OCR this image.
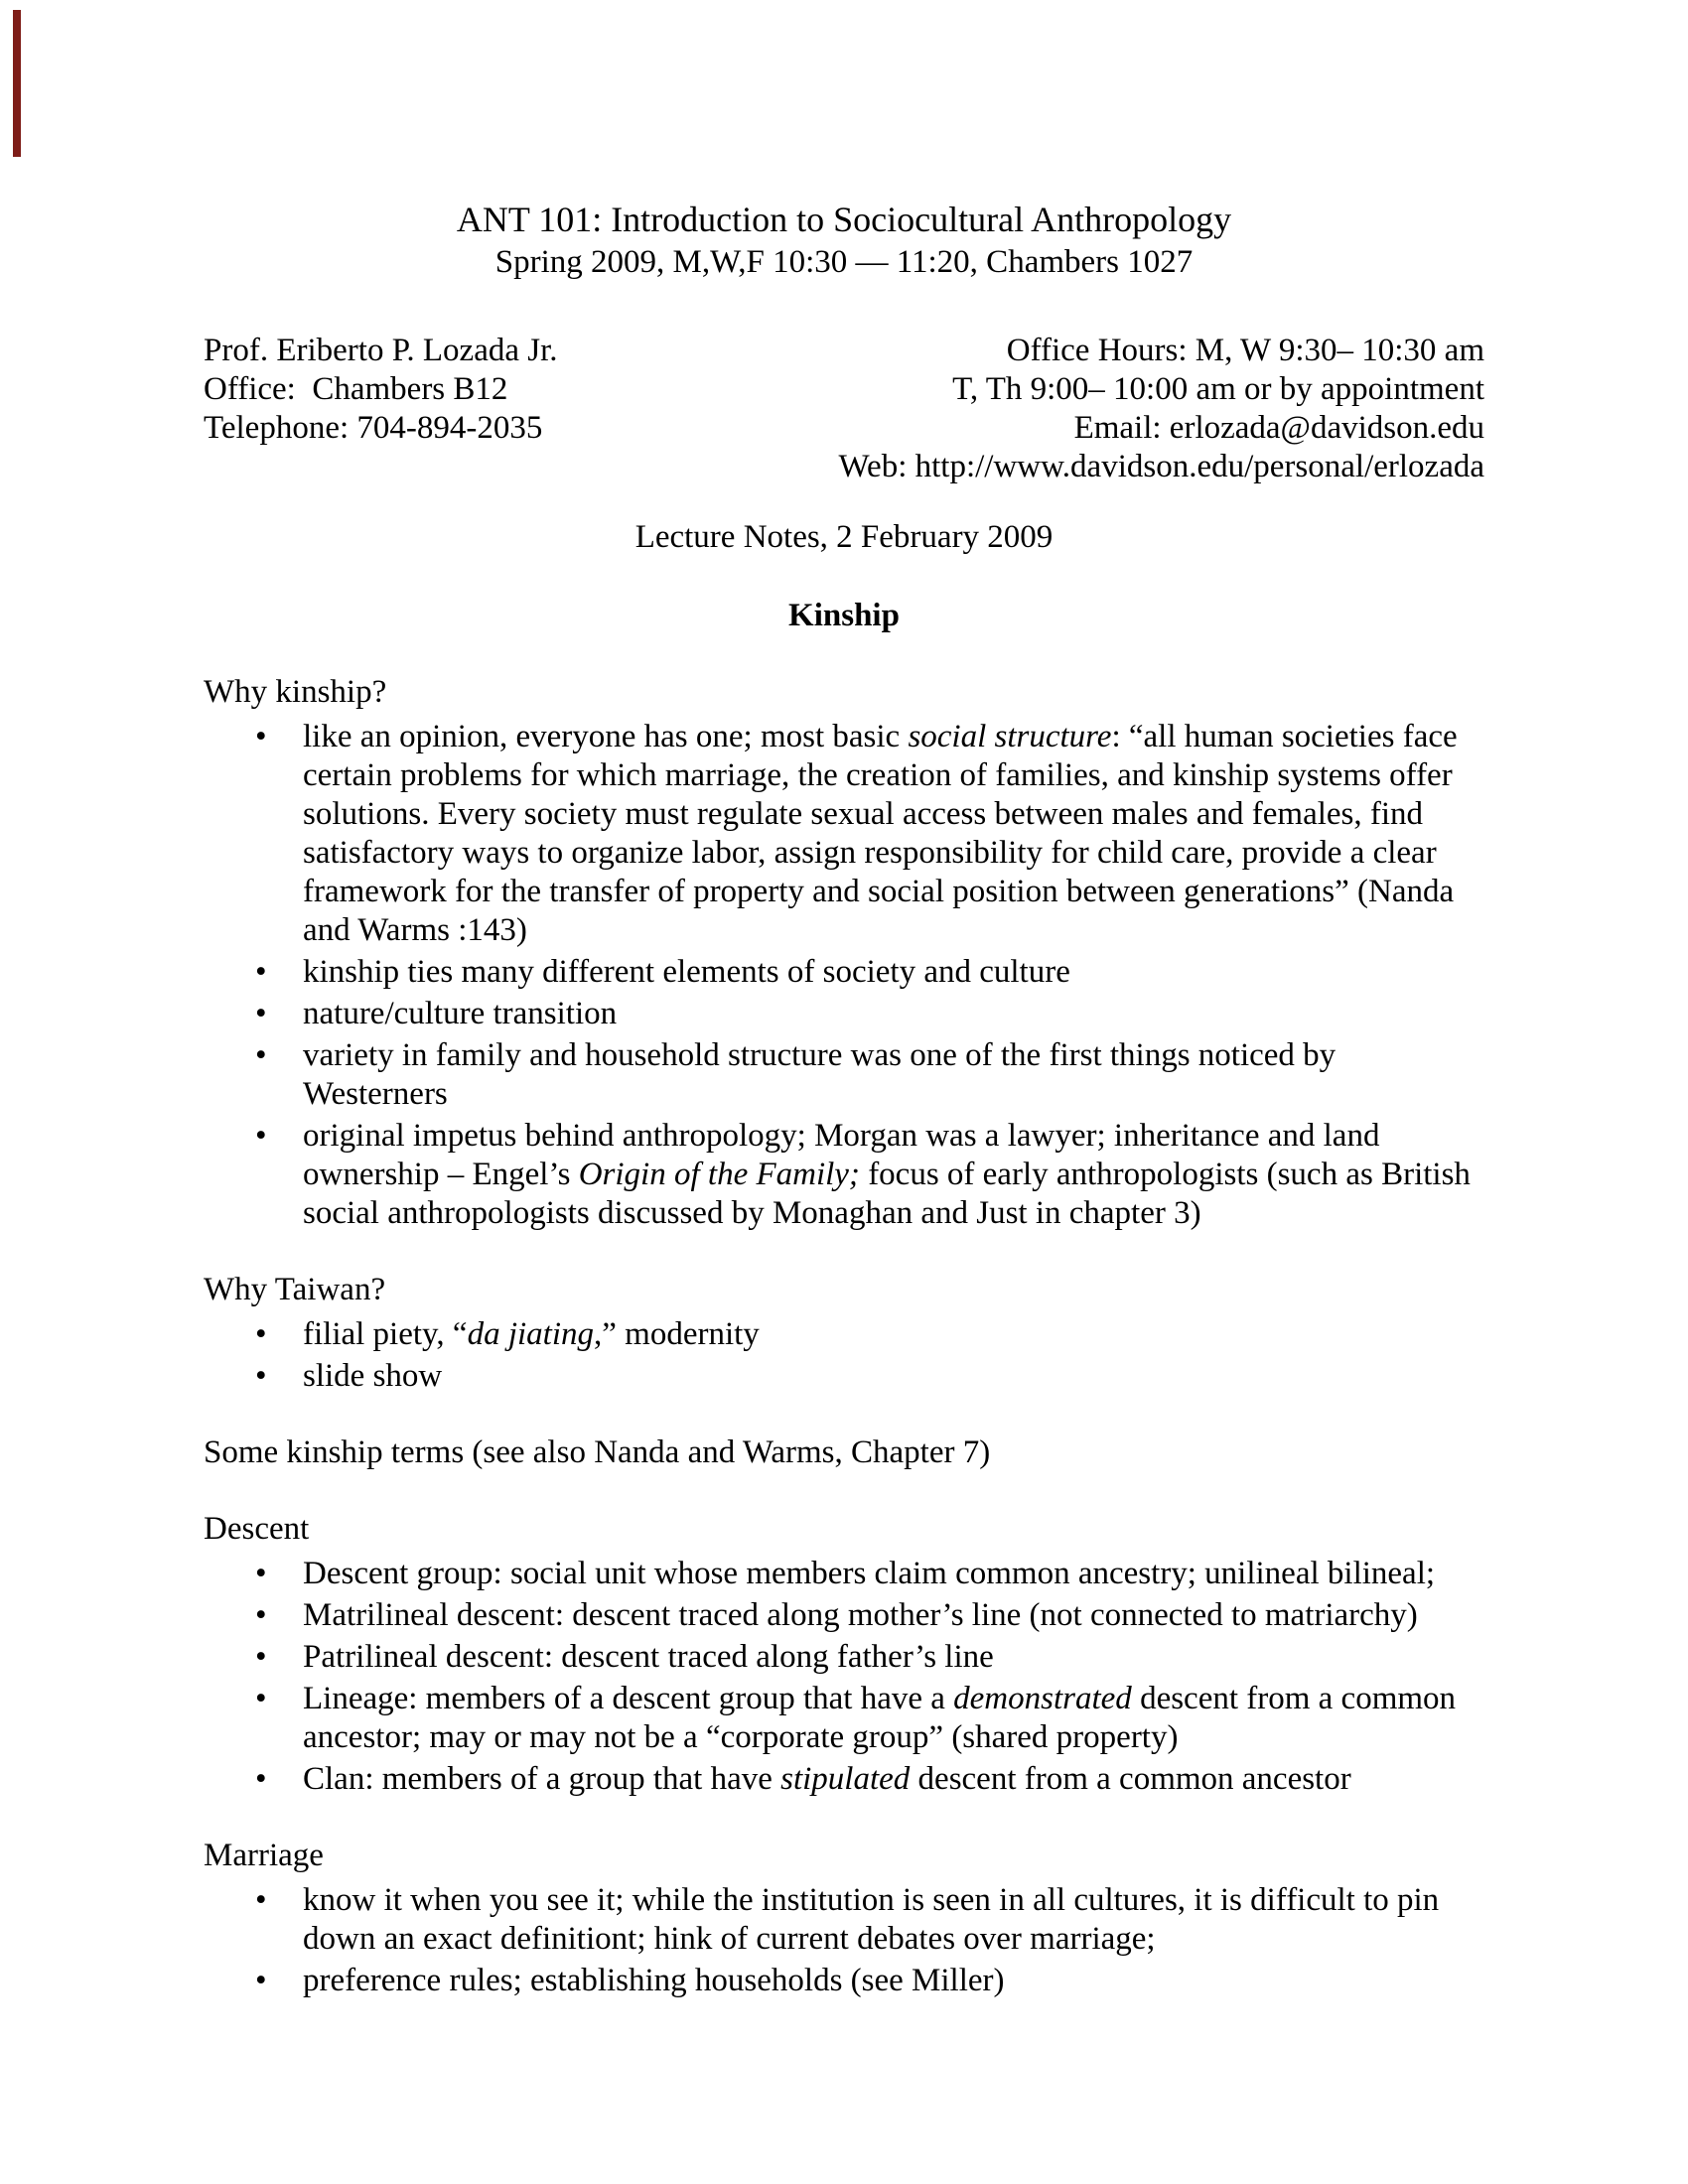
ANT 101: Introduction to Sociocultural Anthropology
Spring 2009, M,W,F 10:30 — 11:20, Chambers 1027
Prof. Eriberto P. Lozada Jr.
Office:  Chambers B12
Telephone: 704-894-2035
Office Hours: M, W 9:30– 10:30 am
T, Th 9:00– 10:00 am or by appointment
Email: erlozada@davidson.edu
Web: http://www.davidson.edu/personal/erlozada
Lecture Notes, 2 February 2009
Kinship
Why kinship?
• like an opinion, everyone has one; most basic social structure: “all human societies face certain problems for which marriage, the creation of families, and kinship systems offer solutions. Every society must regulate sexual access between males and females, find satisfactory ways to organize labor, assign responsibility for child care, provide a clear framework for the transfer of property and social position between generations” (Nanda and Warms :143)
• kinship ties many different elements of society and culture
• nature/culture transition
• variety in family and household structure was one of the first things noticed by Westerners
• original impetus behind anthropology; Morgan was a lawyer; inheritance and land ownership – Engel’s Origin of the Family; focus of early anthropologists (such as British social anthropologists discussed by Monaghan and Just in chapter 3)
Why Taiwan?
• filial piety, “da jiating,” modernity
• slide show

Some kinship terms (see also Nanda and Warms, Chapter 7)

Descent
• Descent group: social unit whose members claim common ancestry; unilineal bilineal;
• Matrilineal descent: descent traced along mother’s line (not connected to matriarchy)
• Patrilineal descent: descent traced along father’s line
• Lineage: members of a descent group that have a demonstrated descent from a common ancestor; may or may not be a “corporate group” (shared property)
• Clan: members of a group that have stipulated descent from a common ancestor
Marriage
• know it when you see it; while the institution is seen in all cultures, it is difficult to pin down an exact definitiont; hink of current debates over marriage;
• preference rules; establishing households (see Miller)
